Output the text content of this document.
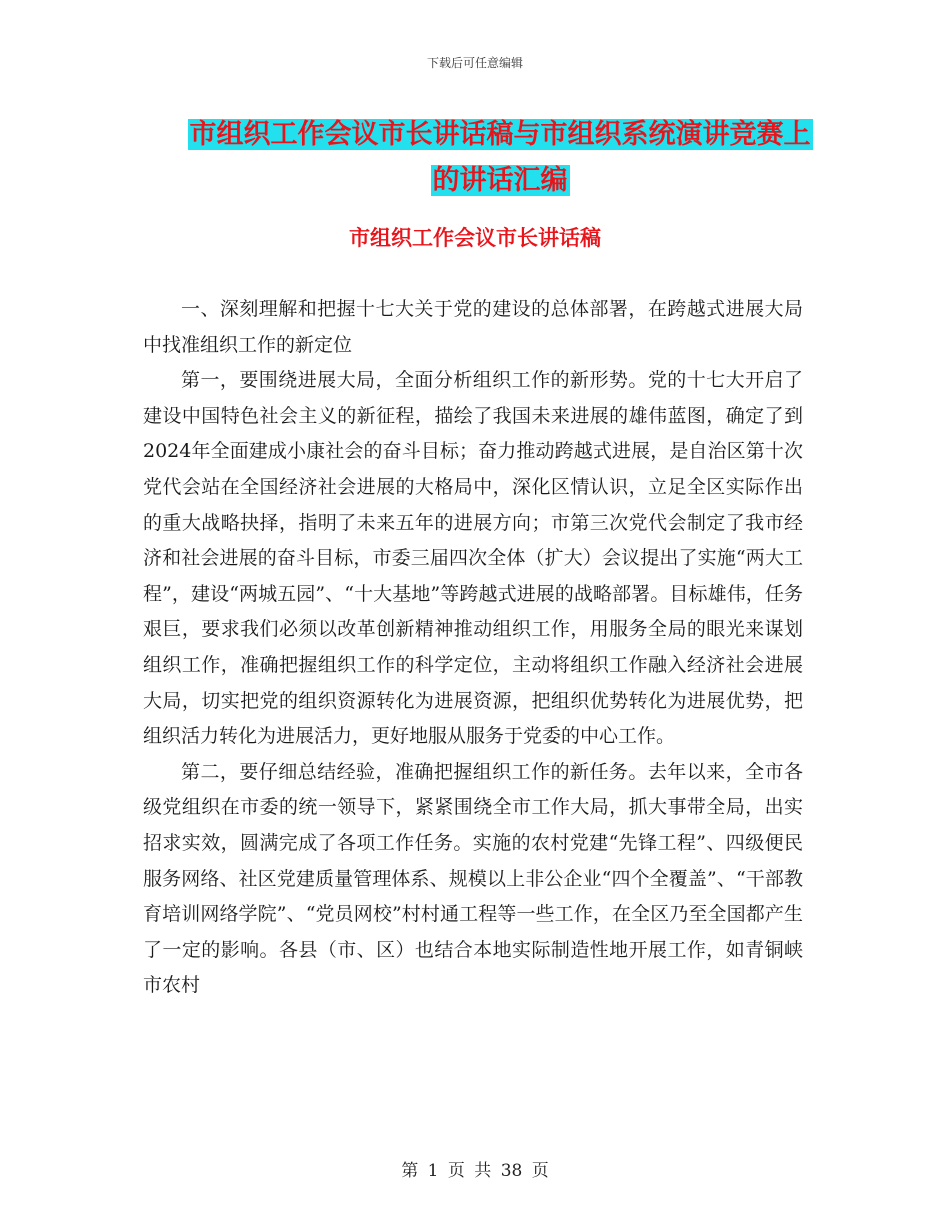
下载后可任意编辑
市组织工作会议市长讲话稿与市组织系统演讲竞赛上
的讲话汇编
市组织工作会议市长讲话稿

一、深刻理解和把握十七大关于党的建设的总体部署，在跨越式进展大局中找准组织工作的新定位

第一，要围绕进展大局，全面分析组织工作的新形势。党的十七大开启了建设中国特色社会主义的新征程，描绘了我国未来进展的雄伟蓝图，确定了到2024年全面建成小康社会的奋斗目标；奋力推动跨越式进展，是自治区第十次党代会站在全国经济社会进展的大格局中，深化区情认识，立足全区实际作出的重大战略抉择，指明了未来五年的进展方向；市第三次党代会制定了我市经济和社会进展的奋斗目标，市委三届四次全体（扩大）会议提出了实施“两大工程”，建设“两城五园”、“十大基地”等跨越式进展的战略部署。目标雄伟，任务艰巨，要求我们必须以改革创新精神推动组织工作，用服务全局的眼光来谋划组织工作，准确把握组织工作的科学定位，主动将组织工作融入经济社会进展大局，切实把党的组织资源转化为进展资源，把组织优势转化为进展优势，把组织活力转化为进展活力，更好地服从服务于党委的中心工作。

第二，要仔细总结经验，准确把握组织工作的新任务。去年以来，全市各级党组织在市委的统一领导下，紧紧围绕全市工作大局，抓大事带全局，出实招求实效，圆满完成了各项工作任务。实施的农村党建“先锋工程”、四级便民服务网络、社区党建质量管理体系、规模以上非公企业“四个全覆盖”、“干部教育培训网络学院”、“党员网校”村村通工程等一些工作，在全区乃至全国都产生了一定的影响。各县（市、区）也结合本地实际制造性地开展工作，如青铜峡市农村

第 1 页 共 38 页
